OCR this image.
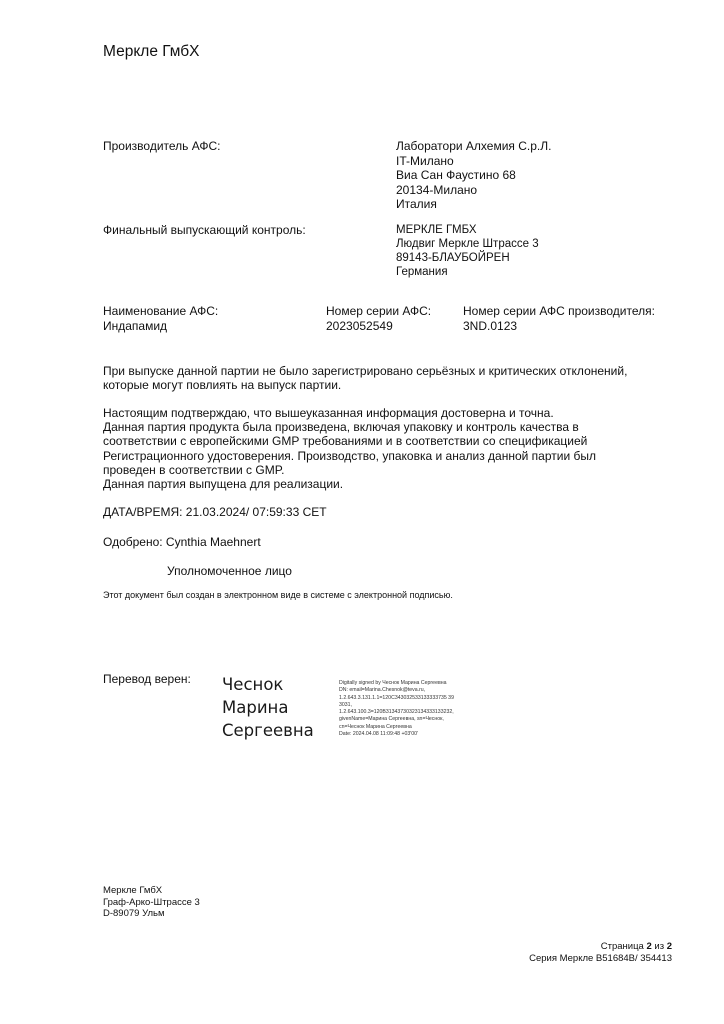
Меркле ГмбХ
Производитель АФС:	Лаборатори Алхемия С.р.Л.
IT-Милано
Виа Сан Фаустино 68
20134-Милано
Италия
Финальный выпускающий контроль:	МЕРКЛЕ ГМБХ
Людвиг Меркле Штрассе 3
89143-БЛАУБОЙРЕН
Германия
Наименование АФС:
Индапамид
Номер серии АФС:
2023052549
Номер серии АФС производителя:
3ND.0123
При выпуске данной партии не было зарегистрировано серьёзных и критических отклонений,
которые могут повлиять на выпуск партии.
Настоящим подтверждаю, что вышеуказанная информация достоверна и точна.
Данная партия продукта была произведена, включая упаковку и контроль качества в
соответствии с европейскими GMP требованиями и в соответствии со спецификацией
Регистрационного удостоверения. Производство, упаковка и анализ данной партии был
проведен в соответствии с GMP.
Данная партия выпущена для реализации.
ДАТА/ВРЕМЯ: 21.03.2024/ 07:59:33 CET
Одобрено: Cynthia Maehnert
Уполномоченное лицо
Этот документ был создан в электронном виде в системе с электронной подписью.
Перевод верен: Чеснок
Марина
Сергеевна
Digitally signed by Чеснок Марина Сергеевна
DN: email=Marina.Chesnok@teva.ru,
1.2.643.3.131.1.1=120C343032533133333735 39
3031,
1.2.643.100.3=120B31343730323134333133232,
givenName=Марина Сергеевна, sn=Чеснок,
cn=Чеснок Марина Сергеевна
Date: 2024.04.08 11:09:48 +03'00'
Меркле ГмбХ
Граф-Арко-Штрассе 3
D-89079 Ульм
Страница 2 из 2
Серия Меркле B51684B/ 354413
